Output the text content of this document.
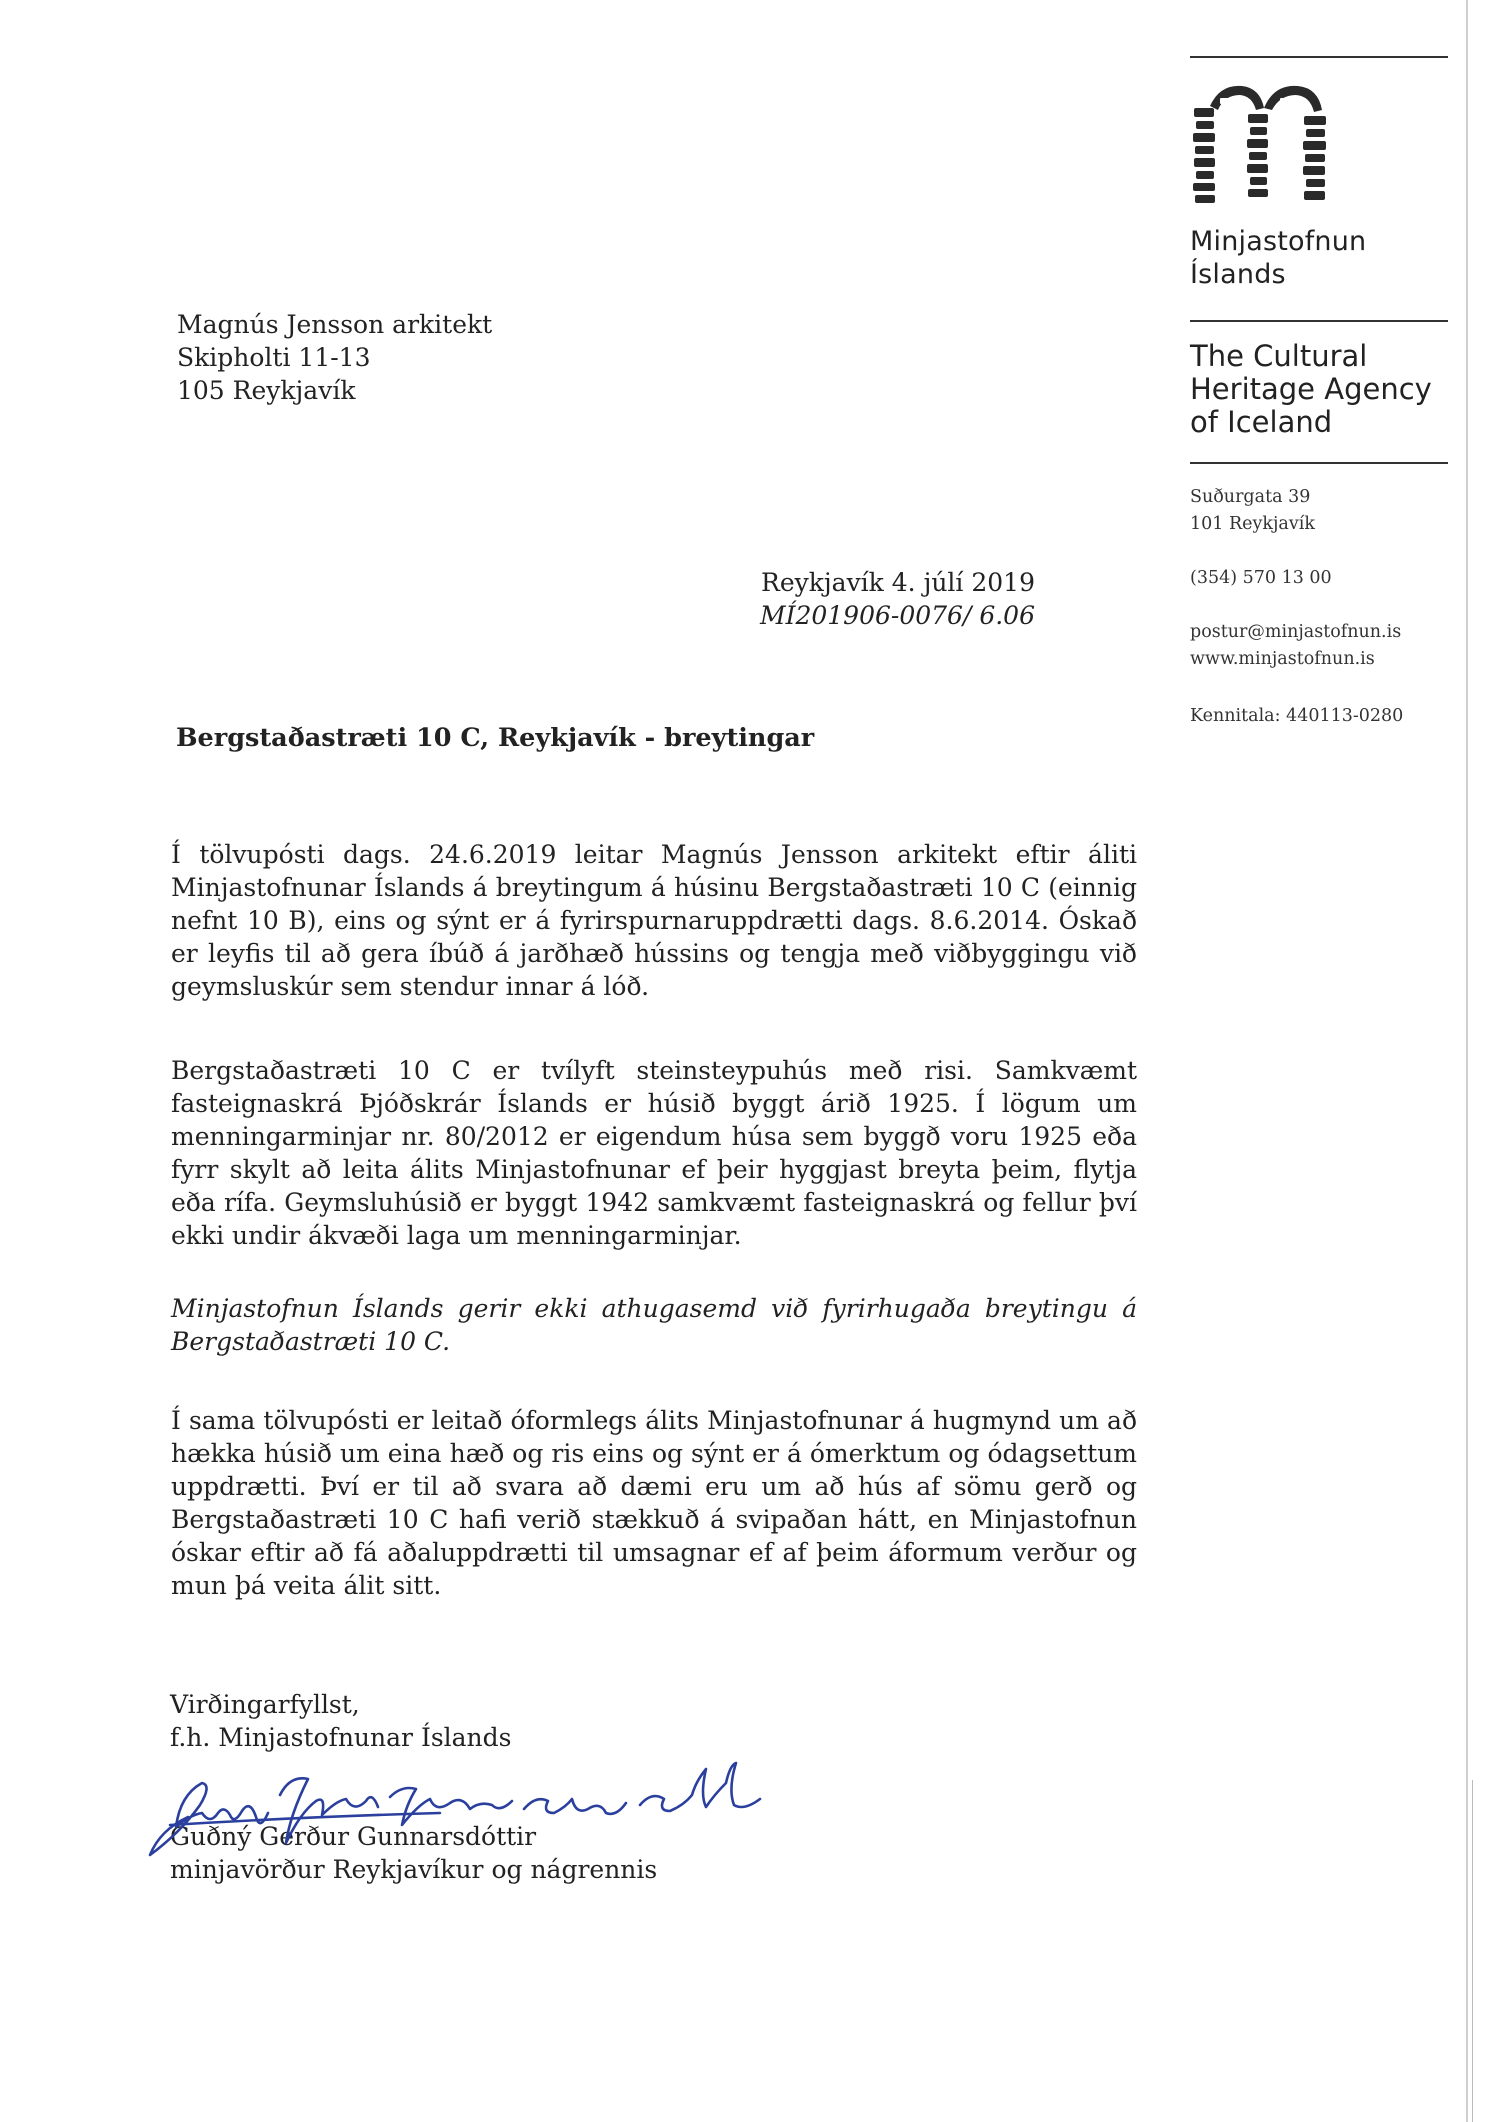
Minjastofnun
Íslands
The Cultural
Heritage Agency
of Iceland
Suðurgata 39
101 Reykjavík
(354) 570 13 00
postur@minjastofnun.is
www.minjastofnun.is
Kennitala: 440113-0280
Magnús Jensson arkitekt
Skipholti 11-13
105 Reykjavík
Reykjavík 4. júlí 2019
MÍ201906-0076/ 6.06
Bergstaðastræti 10 C, Reykjavík - breytingar

Í tölvupósti dags. 24.6.2019 leitar Magnús Jensson arkitekt eftir áliti Minjastofnunar Íslands á breytingum á húsinu Bergstaðastræti 10 C (einnig nefnt 10 B), eins og sýnt er á fyrirspurnaruppdrætti dags. 8.6.2014. Óskað er leyfis til að gera íbúð á jarðhæð hússins og tengja með viðbyggingu við geymsluskúr sem stendur innar á lóð.

Bergstaðastræti 10 C er tvílyft steinsteypuhús með risi. Samkvæmt fasteignaskrá Þjóðskrár Íslands er húsið byggt árið 1925. Í lögum um menningarminjar nr. 80/2012 er eigendum húsa sem byggð voru 1925 eða fyrr skylt að leita álits Minjastofnunar ef þeir hyggjast breyta þeim, flytja eða rífa. Geymsluhúsið er byggt 1942 samkvæmt fasteignaskrá og fellur því ekki undir ákvæði laga um menningarminjar.

Minjastofnun Íslands gerir ekki athugasemd við fyrirhugaða breytingu á Bergstaðastræti 10 C.

Í sama tölvupósti er leitað óformlegs álits Minjastofnunar á hugmynd um að hækka húsið um eina hæð og ris eins og sýnt er á ómerktum og ódagsettum uppdrætti. Því er til að svara að dæmi eru um að hús af sömu gerð og Bergstaðastræti 10 C hafi verið stækkuð á svipaðan hátt, en Minjastofnun óskar eftir að fá aðaluppdrætti til umsagnar ef af þeim áformum verður og mun þá veita álit sitt.

Virðingarfyllst,
f.h. Minjastofnunar Íslands
Guðný Gerður Gunnarsdóttir
minjavörður Reykjavíkur og nágrennis
